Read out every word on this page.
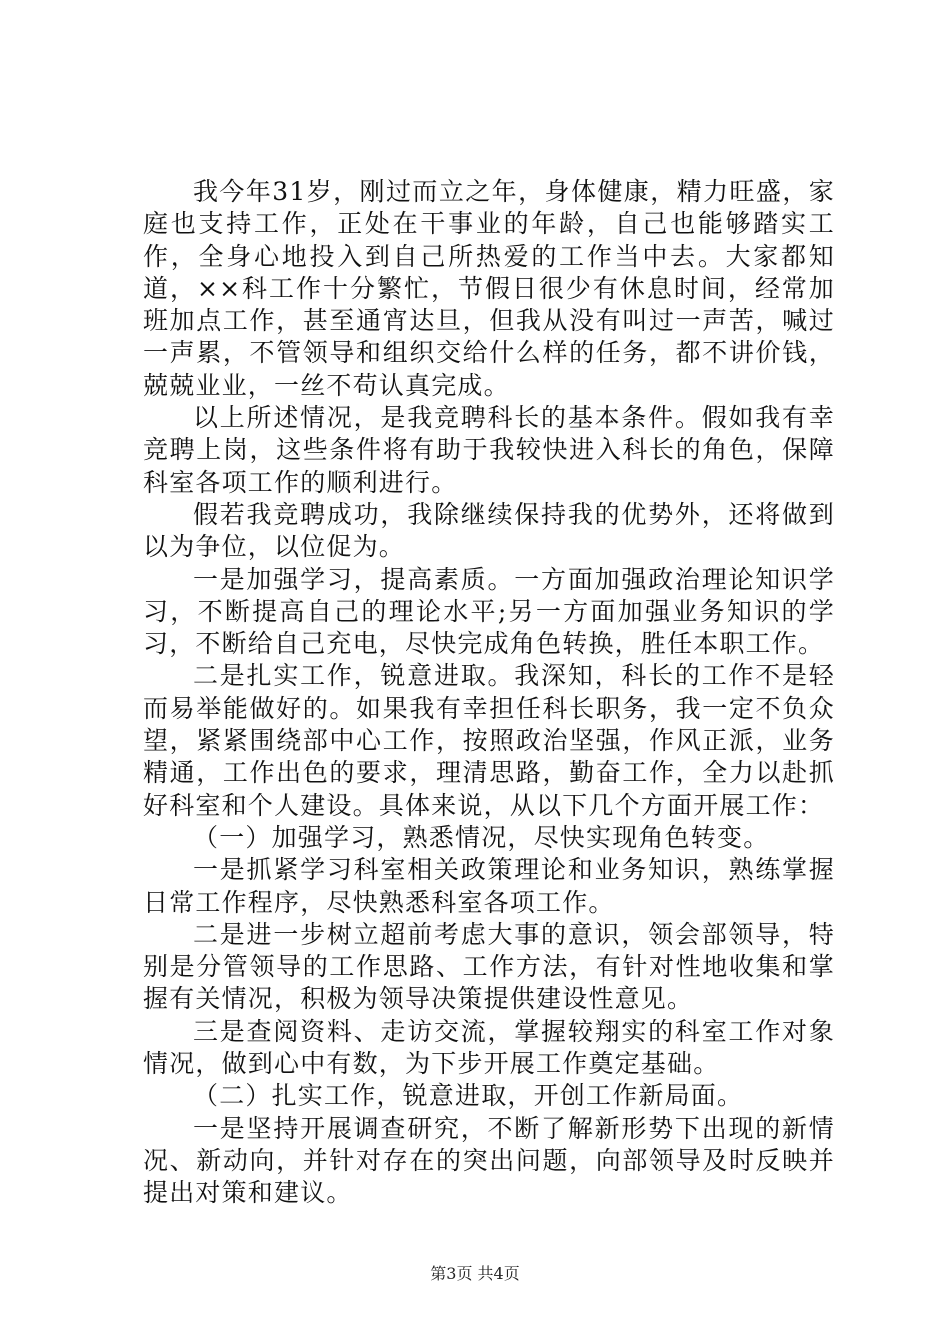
我今年31岁，刚过而立之年，身体健康，精力旺盛，家庭也支持工作，正处在干事业的年龄，自己也能够踏实工作，全身心地投入到自己所热爱的工作当中去。大家都知道，××科工作十分繁忙，节假日很少有休息时间，经常加班加点工作，甚至通宵达旦，但我从没有叫过一声苦，喊过一声累，不管领导和组织交给什么样的任务，都不讲价钱，兢兢业业，一丝不苟认真完成。

以上所述情况，是我竞聘科长的基本条件。假如我有幸竞聘上岗，这些条件将有助于我较快进入科长的角色，保障科室各项工作的顺利进行。

假若我竞聘成功，我除继续保持我的优势外，还将做到以为争位，以位促为。

一是加强学习，提高素质。一方面加强政治理论知识学习，不断提高自己的理论水平;另一方面加强业务知识的学习，不断给自己充电，尽快完成角色转换，胜任本职工作。

二是扎实工作，锐意进取。我深知，科长的工作不是轻而易举能做好的。如果我有幸担任科长职务，我一定不负众望，紧紧围绕部中心工作，按照政治坚强，作风正派，业务精通，工作出色的要求，理清思路，勤奋工作，全力以赴抓好科室和个人建设。具体来说，从以下几个方面开展工作：

（一）加强学习，熟悉情况，尽快实现角色转变。

一是抓紧学习科室相关政策理论和业务知识，熟练掌握日常工作程序，尽快熟悉科室各项工作。

二是进一步树立超前考虑大事的意识，领会部领导，特别是分管领导的工作思路、工作方法，有针对性地收集和掌握有关情况，积极为领导决策提供建设性意见。

三是查阅资料、走访交流，掌握较翔实的科室工作对象情况，做到心中有数，为下步开展工作奠定基础。

（二）扎实工作，锐意进取，开创工作新局面。

一是坚持开展调查研究，不断了解新形势下出现的新情况、新动向，并针对存在的突出问题，向部领导及时反映并提出对策和建议。

第3页 共4页
